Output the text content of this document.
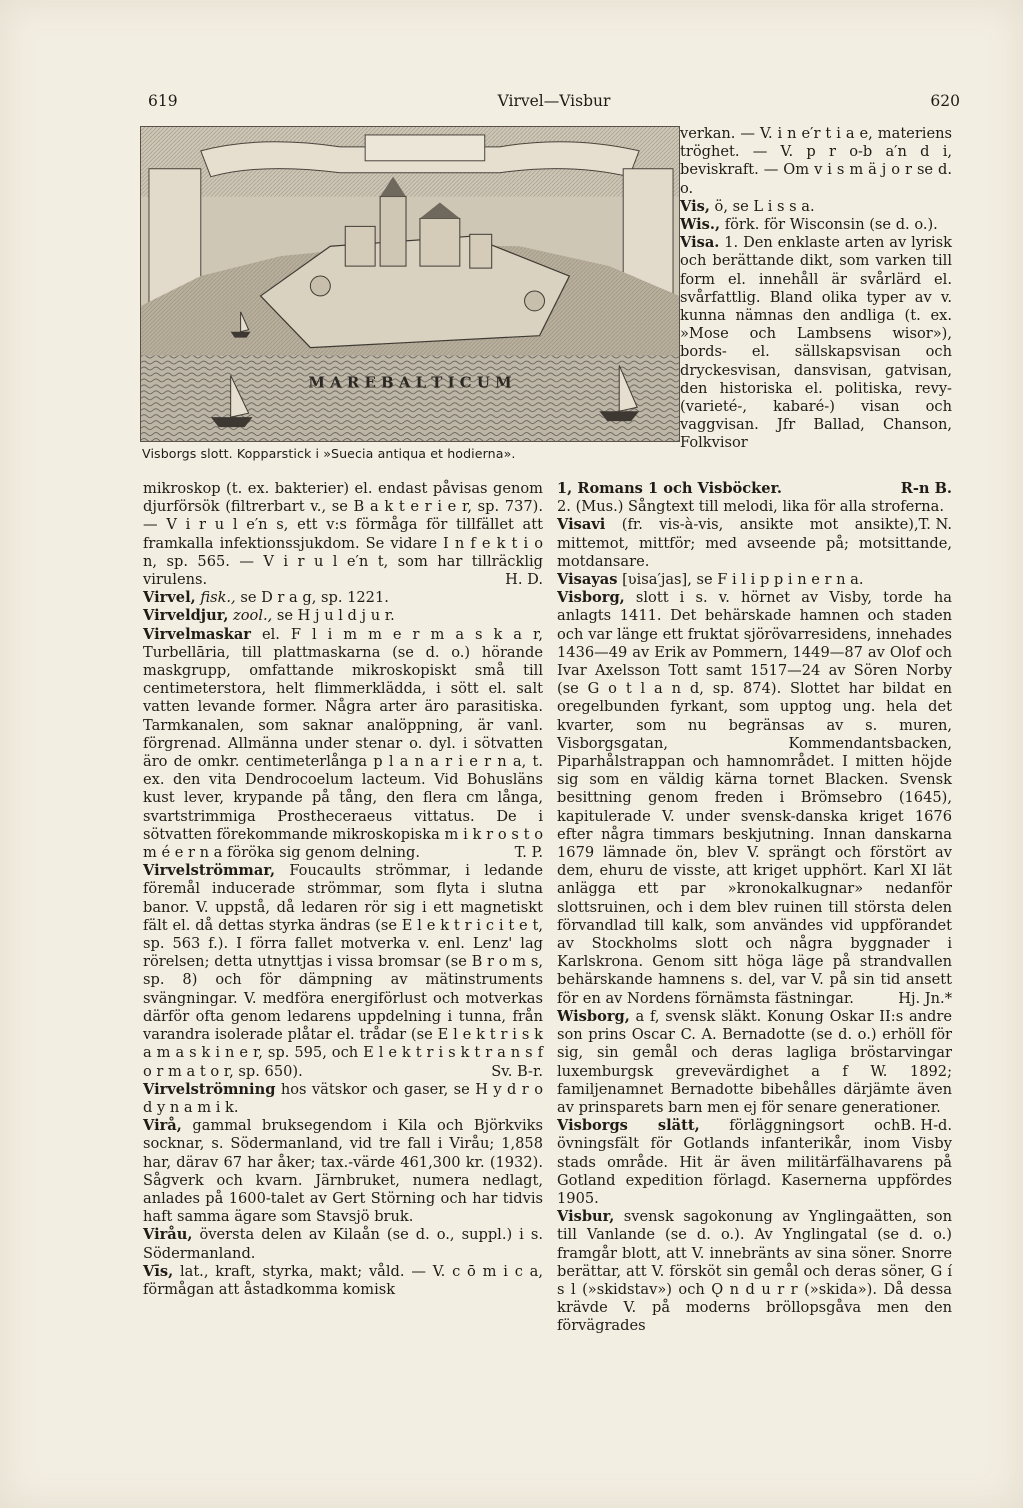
619	Virvel—Visbur	620
M A R E B A L T I C U M
Visborgs slott. Kopparstick i »Suecia antiqua et hodierna».

verkan. — V. i n e′r t i a e, materiens tröghet. — V. p r o-b a′n d i, beviskraft. — Om v i s m ä j o r se d. o.

Vis, ö, se L i s s a.

Wis., förk. för Wisconsin (se d. o.).

Visa. 1. Den enklaste arten av lyrisk och berättande dikt, som varken till form el. innehåll är svårlärd el. svårfattlig. Bland olika typer av v. kunna nämnas den andliga (t. ex. »Mose och Lambsens wisor»), bords- el. sällskapsvisan och dryckesvisan, dansvisan, gatvisan, den historiska el. politiska, revy-(varieté-, kabaré-) visan och vaggvisan. Jfr Ballad, Chanson, Folkvisor

mikroskop (t. ex. bakterier) el. endast påvisas genom djurförsök (filtrerbart v., se B a k t e r i e r, sp. 737). — V i r u l e′n s, ett v:s förmåga för tillfället att framkalla infektionssjukdom. Se vidare I n f e k t i o n, sp. 565. — V i r u l e′n t, som har tillräcklig virulens.	H. D.

Virvel, fisk., se D r a g, sp. 1221.

Virveldjur, zool., se H j u l d j u r.

Virvelmaskar el. F l i m m e r m a s k a r, Turbellāria, till plattmaskarna (se d. o.) hörande maskgrupp, omfattande mikroskopiskt små till centimeterstora, helt flimmerklädda, i sött el. salt vatten levande former. Några arter äro parasitiska. Tarmkanalen, som saknar analöppning, är vanl. förgrenad. Allmänna under stenar o. dyl. i sötvatten äro de omkr. centimeterlånga p l a n a r i e r n a, t. ex. den vita Dendrocoelum lacteum. Vid Bohusläns kust lever, krypande på tång, den flera cm långa, svartstrimmiga Prostheceraeus vittatus. De i sötvatten förekommande mikroskopiska m i k r o s t o m é e r n a föröka sig genom delning.	T. P.

Virvelströmmar, Foucaults strömmar, i ledande föremål inducerade strömmar, som flyta i slutna banor. V. uppstå, då ledaren rör sig i ett magnetiskt fält el. då dettas styrka ändras (se E l e k t r i c i t e t, sp. 563 f.). I förra fallet motverka v. enl. Lenz' lag rörelsen; detta utnyttjas i vissa bromsar (se B r o m s, sp. 8) och för dämpning av mätinstruments svängningar. V. medföra energiförlust och motverkas därför ofta genom ledarens uppdelning i tunna, från varandra isolerade plåtar el. trådar (se E l e k t r i s k a m a s k i n e r, sp. 595, och E l e k t r i s k t r a n s f o r m a t o r, sp. 650).	Sv. B-r.

Virvelströmning hos vätskor och gaser, se H y d r o d y n a m i k.

Virå, gammal bruksegendom i Kila och Björkviks socknar, s. Södermanland, vid tre fall i Viråu; 1,858 har, därav 67 har åker; tax.-värde 461,300 kr. (1932). Sågverk och kvarn. Järnbruket, numera nedlagt, anlades på 1600-talet av Gert Störning och har tidvis haft samma ägare som Stavsjö bruk.

Viråu, översta delen av Kilaån (se d. o., suppl.) i s. Södermanland.

Vīs, lat., kraft, styrka, makt; våld. — V. c ō m i c a, förmågan att åstadkomma komisk

1, Romans 1 och Visböcker.	R-n B.

2. (Mus.) Sångtext till melodi, lika för alla stroferna.
T. N.

Visavi (fr. vis-à-vis, ansikte mot ansikte), mittemot, mittför; med avseende på; motsittande, motdansare.

Visayas [ʋisa′jas], se F i l i p p i n e r n a.

Visborg, slott i s. v. hörnet av Visby, torde ha anlagts 1411. Det behärskade hamnen och staden och var länge ett fruktat sjörövarresidens, innehades 1436—49 av Erik av Pommern, 1449—87 av Olof och Ivar Axelsson Tott samt 1517—24 av Sören Norby (se G o t l a n d, sp. 874). Slottet har bildat en oregelbunden fyrkant, som upptog ung. hela det kvarter, som nu begränsas av s. muren, Visborgsgatan, Kommendantsbacken, Piparhålstrappan och hamnområdet. I mitten höjde sig som en väldig kärna tornet Blacken. Svensk besittning genom freden i Brömsebro (1645), kapitulerade V. under svensk-danska kriget 1676 efter några timmars beskjutning. Innan danskarna 1679 lämnade ön, blev V. sprängt och förstört av dem, ehuru de visste, att kriget upphört. Karl XI lät anlägga ett par »kronokalkugnar» nedanför slottsruinen, och i dem blev ruinen till största delen förvandlad till kalk, som användes vid uppförandet av Stockholms slott och några byggnader i Karlskrona. Genom sitt höga läge på strandvallen behärskande hamnens s. del, var V. på sin tid ansett för en av Nordens förnämsta fästningar.	Hj. Jn.*

Wisborg, a f, svensk släkt. Konung Oskar II:s andre son prins Oscar C. A. Bernadotte (se d. o.) erhöll för sig, sin gemål och deras lagliga bröstarvingar luxemburgsk grevevärdighet a f W. 1892; familjenamnet Bernadotte bibehålles därjämte även av prinsparets barn men ej för senare generationer.
B. H-d.

Visborgs slätt, förläggningsort och övningsfält för Gotlands infanterikår, inom Visby stads område. Hit är även militärfälhavarens på Gotland expedition förlagd. Kasernerna uppfördes 1905.

Visbur, svensk sagokonung av Ynglingaätten, son till Vanlande (se d. o.). Av Ynglingatal (se d. o.) framgår blott, att V. innebränts av sina söner. Snorre berättar, att V. försköt sin gemål och deras söner, G í s l (»skidstav») och Ǫ n d u r r (»skida»). Då dessa krävde V. på moderns bröllopsgåva men den förvägrades
